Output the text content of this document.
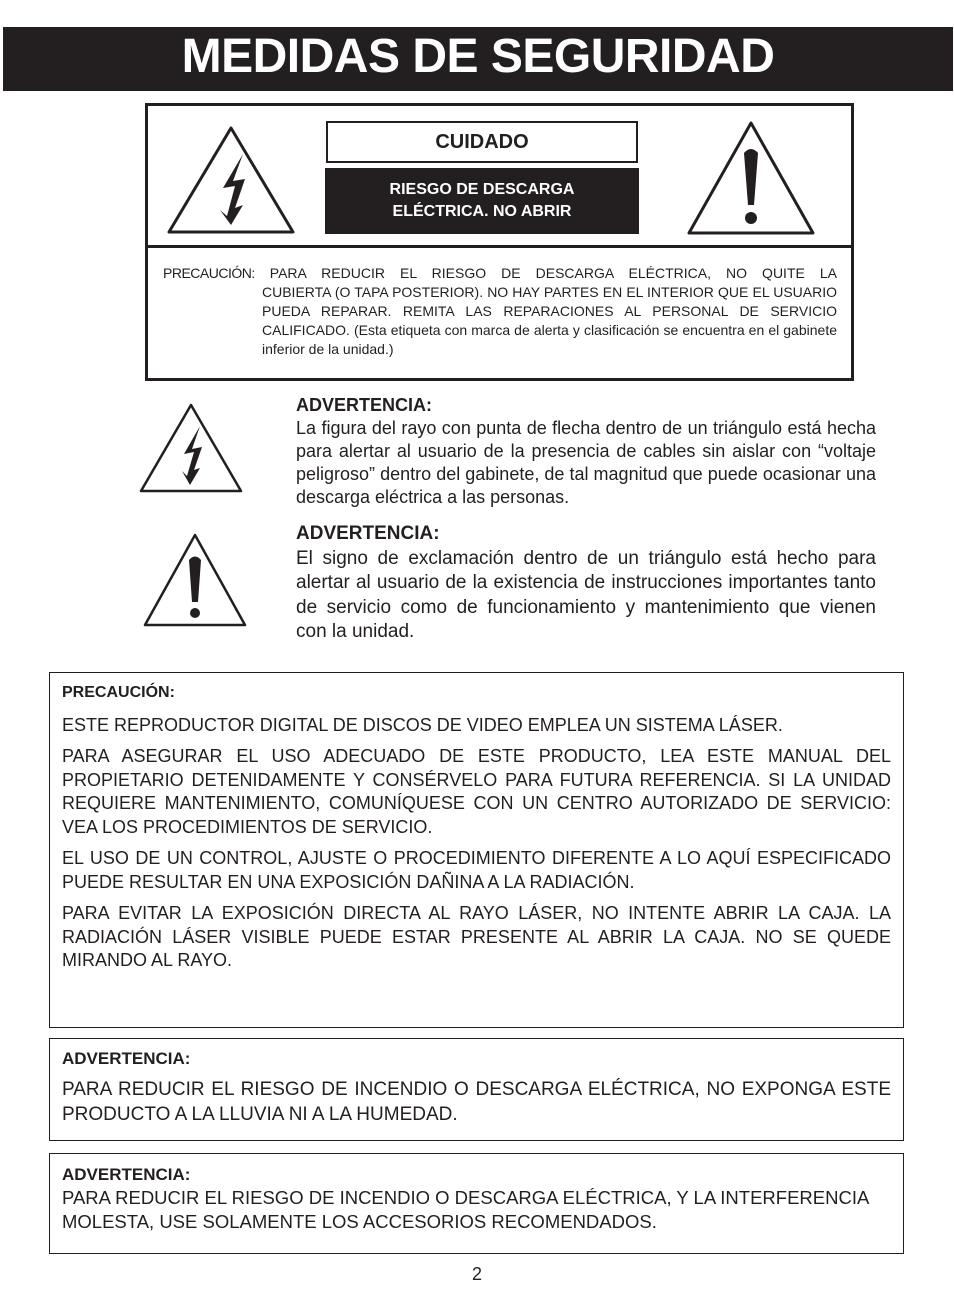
MEDIDAS DE SEGURIDAD
CUIDADO
RIESGO DE DESCARGA
ELÉCTRICA. NO ABRIR
PRECAUCIÓN: PARA REDUCIR EL RIESGO DE DESCARGA ELÉCTRICA, NO QUITE LA
CUBIERTA (O TAPA POSTERIOR). NO HAY PARTES EN EL INTERIOR QUE EL USUARIO PUEDA REPARAR. REMITA LAS REPARACIONES AL PERSONAL DE SERVICIO CALIFICADO. (Esta etiqueta con marca de alerta y clasificación se encuentra en el gabinete inferior de la unidad.)
ADVERTENCIA:
La figura del rayo con punta de flecha dentro de un triángulo está hecha para alertar al usuario de la presencia de cables sin aislar con “voltaje peligroso” dentro del gabinete, de tal magnitud que puede ocasionar una descarga eléctrica a las personas.
ADVERTENCIA:
El signo de exclamación dentro de un triángulo está hecho para alertar al usuario de la existencia de instrucciones importantes tanto de servicio como de funcionamiento y mantenimiento que vienen con la unidad.
PRECAUCIÓN:

ESTE REPRODUCTOR DIGITAL DE DISCOS DE VIDEO EMPLEA UN SISTEMA LÁSER.

PARA ASEGURAR EL USO ADECUADO DE ESTE PRODUCTO, LEA ESTE MANUAL DEL PROPIETARIO DETENIDAMENTE Y CONSÉRVELO PARA FUTURA REFERENCIA. SI LA UNIDAD REQUIERE MANTENIMIENTO, COMUNÍQUESE CON UN CENTRO AUTORIZADO DE SERVICIO: VEA LOS PROCEDIMIENTOS DE SERVICIO.

EL USO DE UN CONTROL, AJUSTE O PROCEDIMIENTO DIFERENTE A LO AQUÍ ESPECIFICADO PUEDE RESULTAR EN UNA EXPOSICIÓN DAÑINA A LA RADIACIÓN.

PARA EVITAR LA EXPOSICIÓN DIRECTA AL RAYO LÁSER, NO INTENTE ABRIR LA CAJA. LA RADIACIÓN LÁSER VISIBLE PUEDE ESTAR PRESENTE AL ABRIR LA CAJA. NO SE QUEDE MIRANDO AL RAYO.

ADVERTENCIA:

PARA REDUCIR EL RIESGO DE INCENDIO O DESCARGA ELÉCTRICA, NO EXPONGA ESTE PRODUCTO A LA LLUVIA NI A LA HUMEDAD.

ADVERTENCIA:

PARA REDUCIR EL RIESGO DE INCENDIO O DESCARGA ELÉCTRICA, Y LA INTERFERENCIA MOLESTA, USE SOLAMENTE LOS ACCESORIOS RECOMENDADOS.

2
